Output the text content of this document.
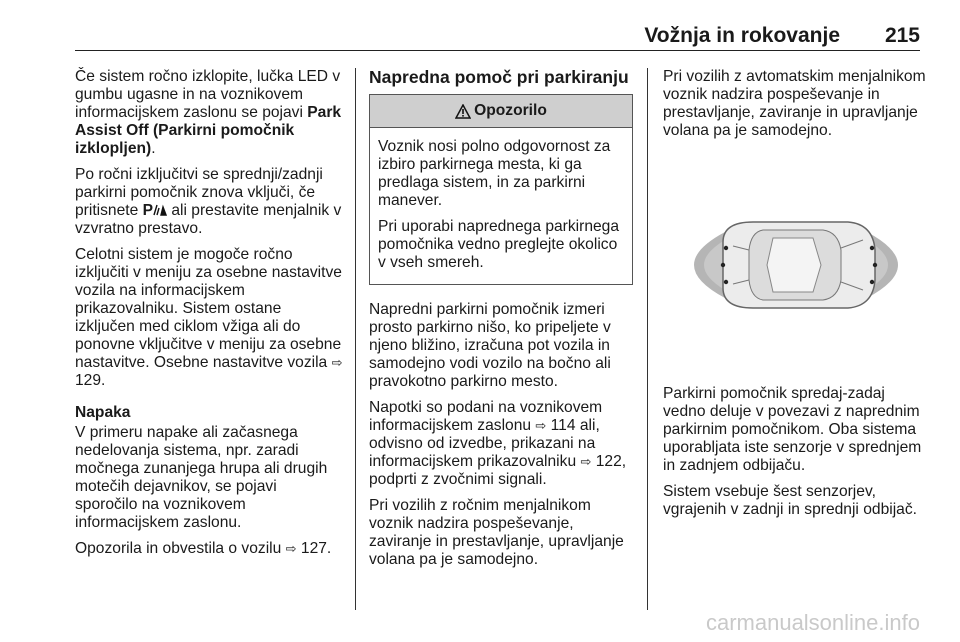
Vožnja in rokovanje 215

Če sistem ročno izklopite, lučka LED v gumbu ugasne in na voznikovem informacijskem zaslonu se pojavi Park Assist Off (Parkirni pomočnik izklopljen).

Po ročni izključitvi se sprednji/zadnji parkirni pomočnik znova vključi, če pritisnete P ali prestavite menjalnik v vzvratno prestavo.

Celotni sistem je mogoče ročno izključiti v meniju za osebne nastavitve vozila na informacijskem prikazovalniku. Sistem ostane izključen med ciklom vžiga ali do ponovne vključitve v meniju za osebne nastavitve. Osebne nastavitve vozila ⇨ 129.

Napaka

V primeru napake ali začasnega nedelovanja sistema, npr. zaradi močnega zunanjega hrupa ali drugih motečih dejavnikov, se pojavi sporočilo na voznikovem informacijskem zaslonu.

Opozorila in obvestila o vozilu ⇨ 127.

Napredna pomoč pri parkiranju

Opozorilo

Voznik nosi polno odgovornost za izbiro parkirnega mesta, ki ga predlaga sistem, in za parkirni manever.

Pri uporabi naprednega parkirnega pomočnika vedno preglejte okolico v vseh smereh.

Napredni parkirni pomočnik izmeri prosto parkirno nišo, ko pripeljete v njeno bližino, izračuna pot vozila in samodejno vodi vozilo na bočno ali pravokotno parkirno mesto.

Napotki so podani na voznikovem informacijskem zaslonu ⇨ 114 ali, odvisno od izvedbe, prikazani na informacijskem prikazovalniku ⇨ 122, podprti z zvočnimi signali.

Pri vozilih z ročnim menjalnikom voznik nadzira pospeševanje, zaviranje in prestavljanje, upravljanje volana pa je samodejno.

Pri vozilih z avtomatskim menjalnikom voznik nadzira pospeševanje in prestavljanje, zaviranje in upravljanje volana pa je samodejno.

Parkirni pomočnik spredaj-zadaj vedno deluje v povezavi z naprednim parkirnim pomočnikom. Oba sistema uporabljata iste senzorje v sprednjem in zadnjem odbijaču.

Sistem vsebuje šest senzorjev, vgrajenih v zadnji in sprednji odbijač.

carmanualsonline.info
